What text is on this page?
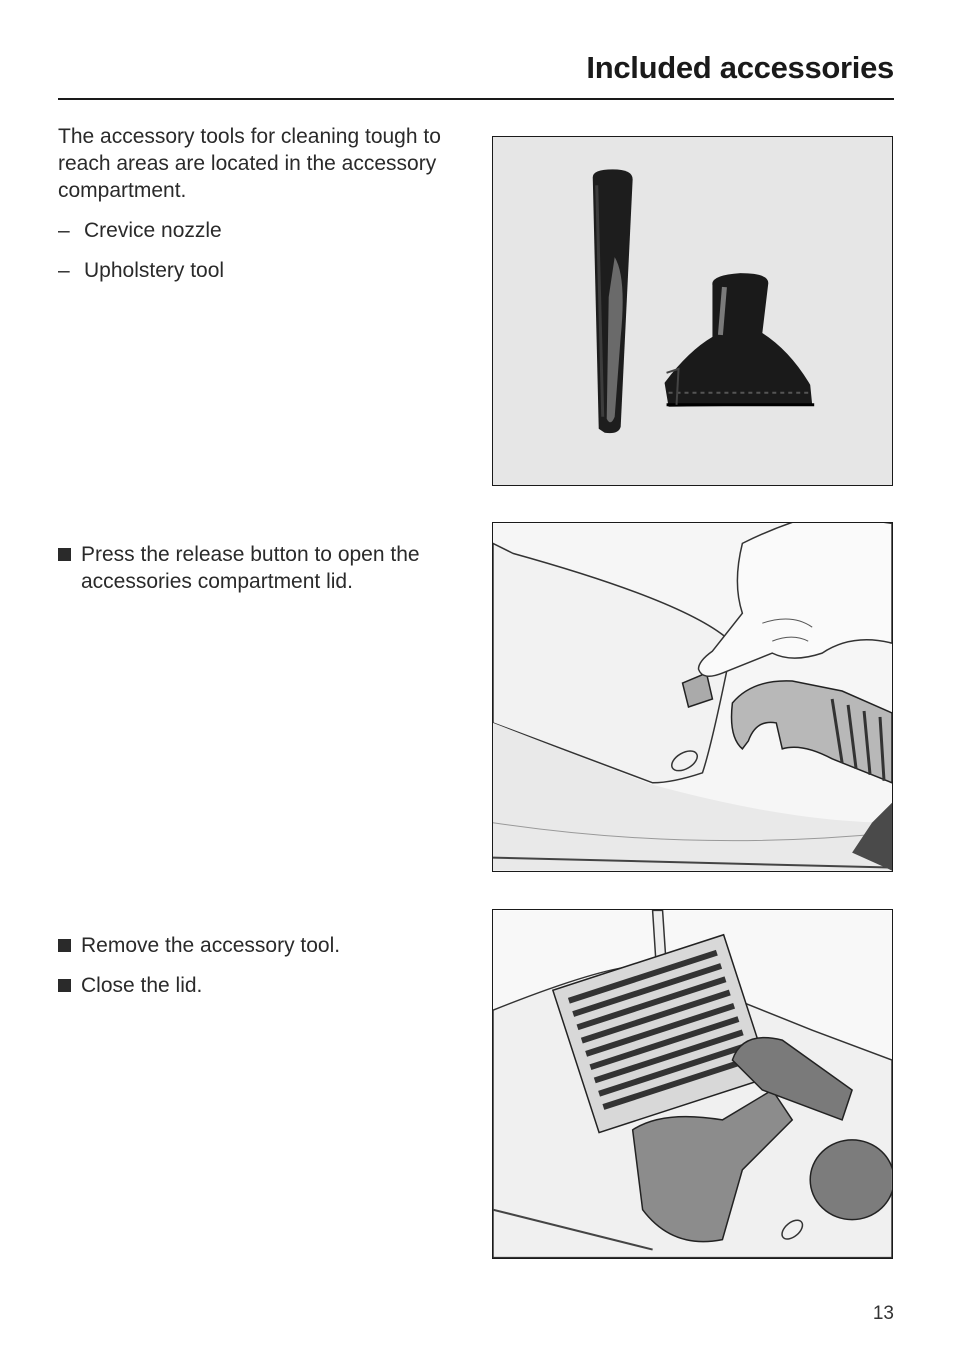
Included accessories

The accessory tools for cleaning tough to reach areas are located in the accessory compartment.

– Crevice nozzle
– Upholstery tool
Press the release button to open the accessories compartment lid.
Remove the accessory tool.
Close the lid.
13
